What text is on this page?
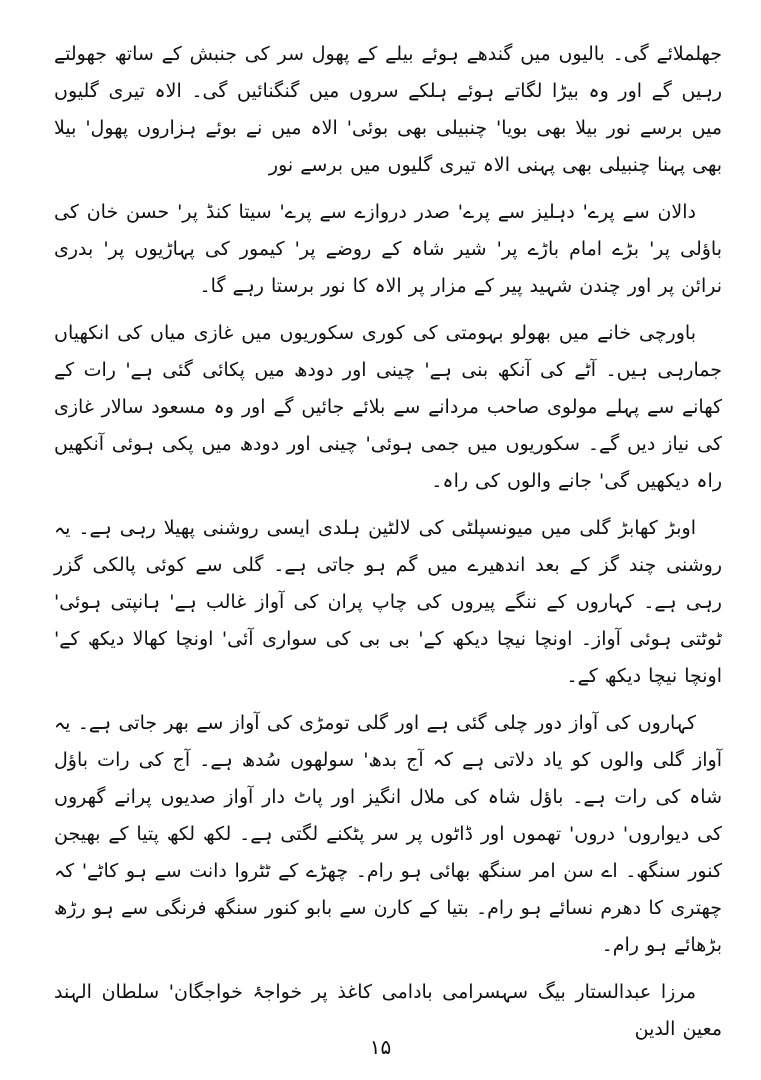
جھلملائے گی۔ بالیوں میں گندھے ہوئے بیلے کے پھول سر کی جنبش کے ساتھ جھولتے رہیں گے اور وہ بیڑا لگاتے ہوئے ہلکے سروں میں گنگنائیں گی۔ الاہ تیری گلیوں میں برسے نور بیلا بھی بویا' چنبیلی بھی بوئی' الاہ میں نے بوئے ہزاروں پھول' بیلا بھی پہنا چنبیلی بھی پہنی الاہ تیری گلیوں میں برسے نور

دالان سے پرے' دہلیز سے پرے' صدر دروازے سے پرے' سیتا کنڈ پر' حسن خان کی باؤلی پر' بڑے امام باڑے پر' شیر شاہ کے روضے پر' کیمور کی پہاڑیوں پر' بدری نرائن پر اور چندن شہید پیر کے مزار پر الاہ کا نور برستا رہے گا۔

باورچی خانے میں بھولو بہومتی کی کوری سکوریوں میں غازی میاں کی انکھیاں جمارہی ہیں۔ آٹے کی آنکھ بنی ہے' چینی اور دودھ میں پکائی گئی ہے' رات کے کھانے سے پہلے مولوی صاحب مردانے سے بلائے جائیں گے اور وہ مسعود سالار غازی کی نیاز دیں گے۔ سکوریوں میں جمی ہوئی' چینی اور دودھ میں پکی ہوئی آنکھیں راہ دیکھیں گی' جانے والوں کی راہ۔

اوبڑ کھابڑ گلی میں میونسپلٹی کی لالٹین ہلدی ایسی روشنی پھیلا رہی ہے۔ یہ روشنی چند گز کے بعد اندھیرے میں گم ہو جاتی ہے۔ گلی سے کوئی پالکی گزر رہی ہے۔ کہاروں کے ننگے پیروں کی چاپ پران کی آواز غالب ہے' ہانپتی ہوئی' ٹوٹتی ہوئی آواز۔ اونچا نیچا دیکھ کے' بی بی کی سواری آئی' اونچا کھالا دیکھ کے' اونچا نیچا دیکھ کے۔

کہاروں کی آواز دور چلی گئی ہے اور گلی تومڑی کی آواز سے بھر جاتی ہے۔ یہ آواز گلی والوں کو یاد دلاتی ہے کہ آج بدھ' سولھوں سُدھ ہے۔ آج کی رات باؤل شاہ کی رات ہے۔ باؤل شاہ کی ملال انگیز اور پاٹ دار آواز صدیوں پرانے گھروں کی دیواروں' دروں' تھموں اور ڈاٹوں پر سر پٹکنے لگتی ہے۔ لکھ لکھ پتیا کے بھیجن کنور سنگھ۔ اے سن امر سنگھ بھائی ہو رام۔ چھڑے کے ٹٹروا دانت سے ہو کاٹے' کہ چھتری کا دھرم نسائے ہو رام۔ بتیا کے کارن سے بابو کنور سنگھ فرنگی سے ہو رڑھ بڑھائے ہو رام۔

مرزا عبدالستار بیگ سہسرامی بادامی کاغذ پر خواجۂ خواجگان' سلطان الہند معین الدین

۱۵
